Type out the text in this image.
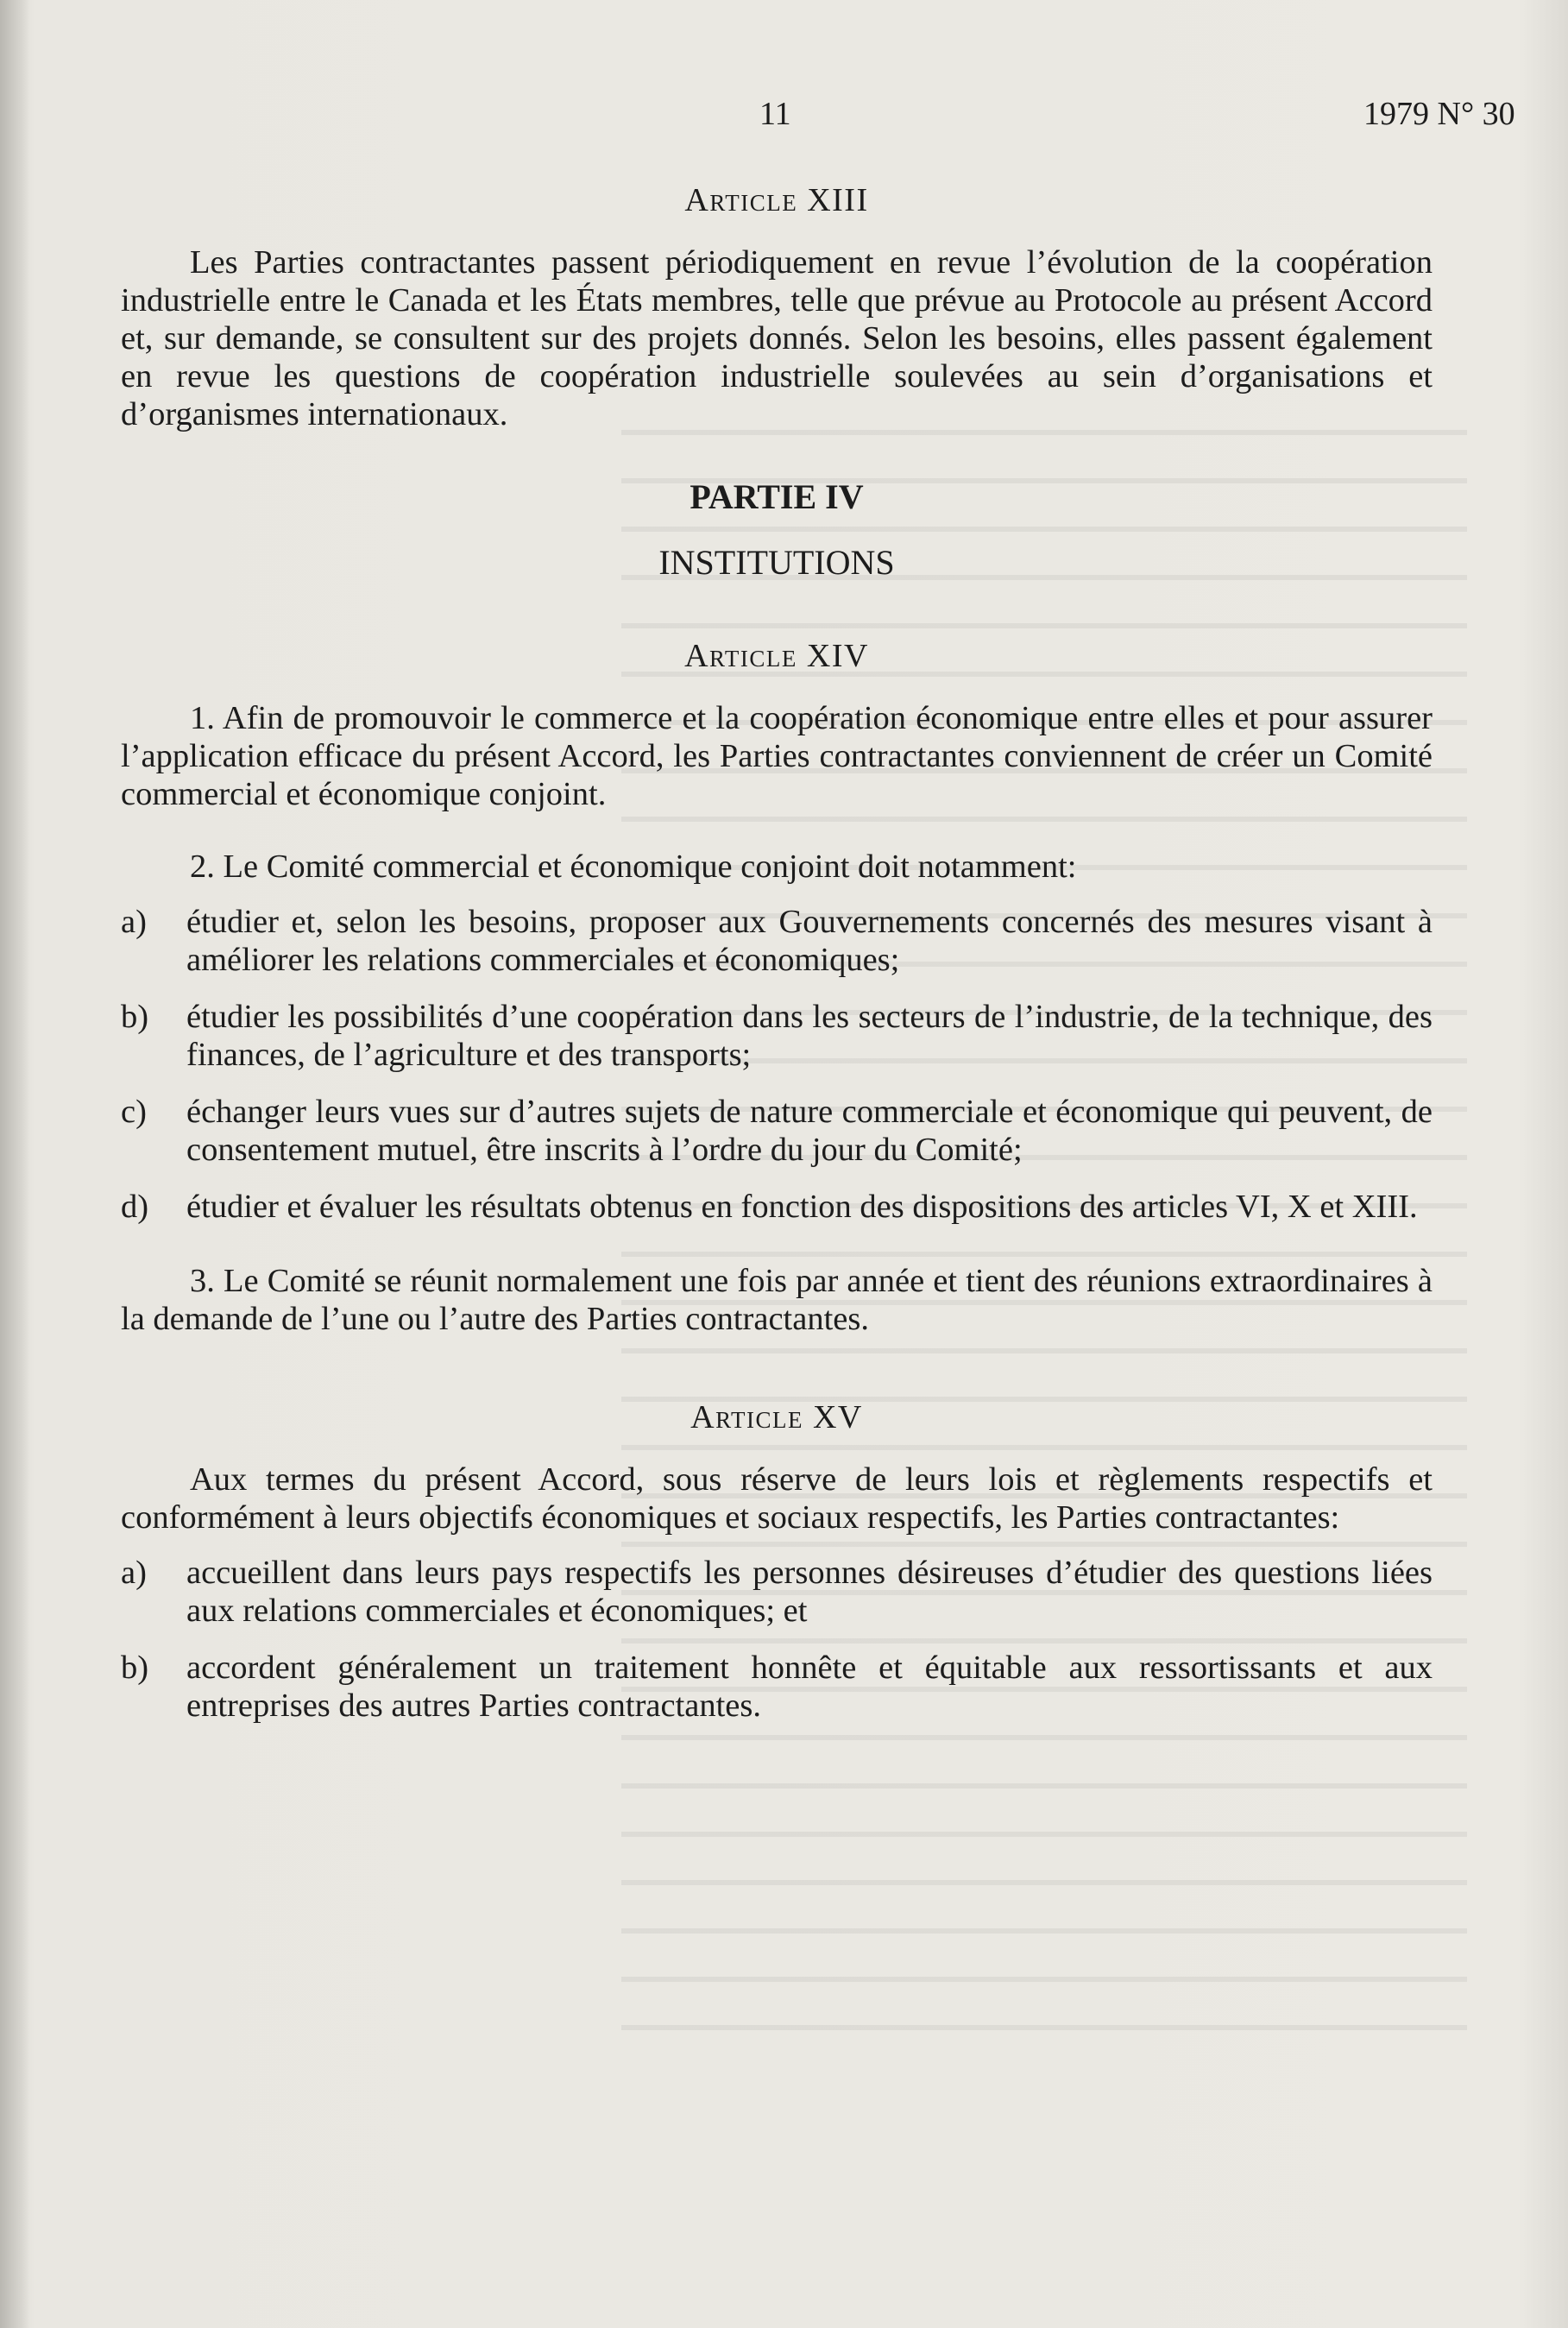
11	1979 N° 30
Article XIII

Les Parties contractantes passent périodiquement en revue l’évolution de la coopération industrielle entre le Canada et les États membres, telle que prévue au Protocole au présent Accord et, sur demande, se consultent sur des projets donnés. Selon les besoins, elles passent également en revue les questions de coopération industrielle soulevées au sein d’organisations et d’organismes internationaux.

PARTIE IV
INSTITUTIONS
Article XIV

1. Afin de promouvoir le commerce et la coopération économique entre elles et pour assurer l’application efficace du présent Accord, les Parties contractantes conviennent de créer un Comité commercial et économique conjoint.

2. Le Comité commercial et économique conjoint doit notamment:

a)	étudier et, selon les besoins, proposer aux Gouvernements concernés des mesures visant à améliorer les relations commerciales et économiques;
b)	étudier les possibilités d’une coopération dans les secteurs de l’industrie, de la technique, des finances, de l’agriculture et des transports;
c)	échanger leurs vues sur d’autres sujets de nature commerciale et économique qui peuvent, de consentement mutuel, être inscrits à l’ordre du jour du Comité;
d)	étudier et évaluer les résultats obtenus en fonction des dispositions des articles VI, X et XIII.

3. Le Comité se réunit normalement une fois par année et tient des réunions extraordinaires à la demande de l’une ou l’autre des Parties contractantes.

Article XV

Aux termes du présent Accord, sous réserve de leurs lois et règlements respectifs et conformément à leurs objectifs économiques et sociaux respectifs, les Parties contractantes:

a)	accueillent dans leurs pays respectifs les personnes désireuses d’étudier des questions liées aux relations commerciales et économiques; et
b)	accordent généralement un traitement honnête et équitable aux ressortissants et aux entreprises des autres Parties contractantes.
